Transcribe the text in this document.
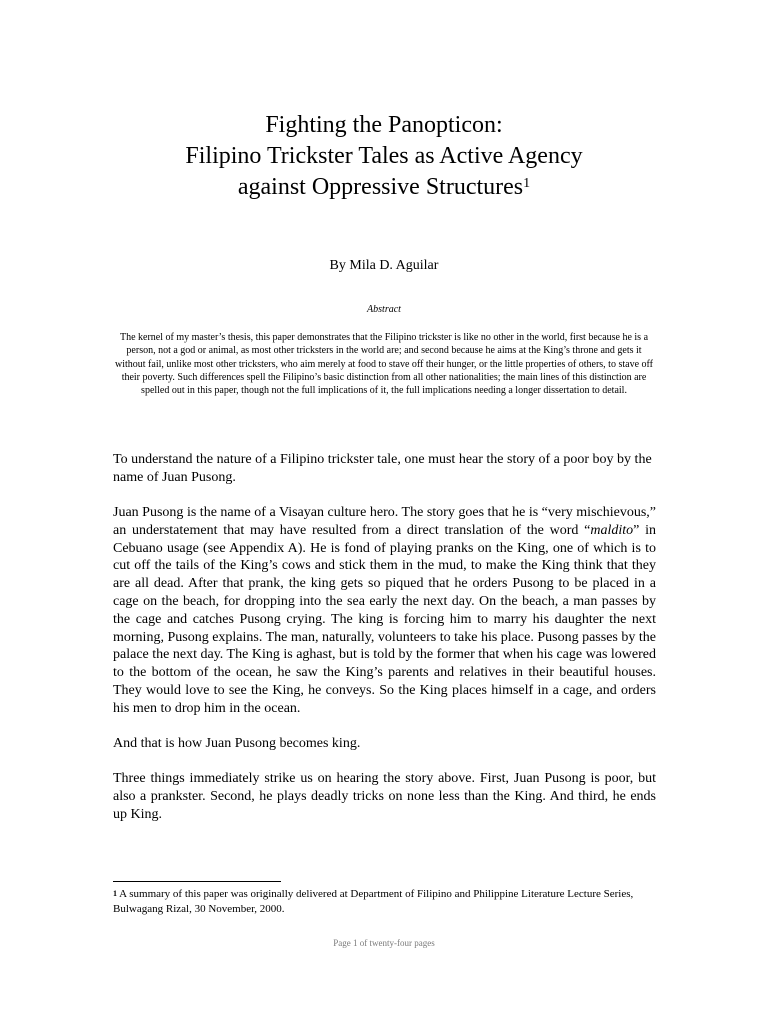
Fighting the Panopticon:
Filipino Trickster Tales as Active Agency
against Oppressive Structures$^1$
By Mila D. Aguilar
Abstract
The kernel of my master’s thesis, this paper demonstrates that the Filipino trickster is like no other in the world, first because he is a person, not a god or animal, as most other tricksters in the world are; and second because he aims at the King’s throne and gets it without fail, unlike most other tricksters, who aim merely at food to stave off their hunger, or the little properties of others, to stave off their poverty. Such differences spell the Filipino’s basic distinction from all other nationalities; the main lines of this distinction are spelled out in this paper, though not the full implications of it, the full implications needing a longer dissertation to detail.

To understand the nature of a Filipino trickster tale, one must hear the story of a poor boy by the name of Juan Pusong.

Juan Pusong is the name of a Visayan culture hero. The story goes that he is “very mischievous,” an understatement that may have resulted from a direct translation of the word “maldito” in Cebuano usage (see Appendix A). He is fond of playing pranks on the King, one of which is to cut off the tails of the King’s cows and stick them in the mud, to make the King think that they are all dead. After that prank, the king gets so piqued that he orders Pusong to be placed in a cage on the beach, for dropping into the sea early the next day. On the beach, a man passes by the cage and catches Pusong crying. The king is forcing him to marry his daughter the next morning, Pusong explains. The man, naturally, volunteers to take his place. Pusong passes by the palace the next day. The King is aghast, but is told by the former that when his cage was lowered to the bottom of the ocean, he saw the King’s parents and relatives in their beautiful houses. They would love to see the King, he conveys. So the King places himself in a cage, and orders his men to drop him in the ocean.

And that is how Juan Pusong becomes king.

Three things immediately strike us on hearing the story above. First, Juan Pusong is poor, but also a prankster. Second, he plays deadly tricks on none less than the King. And third, he ends up King.

$^1$ A summary of this paper was originally delivered at Department of Filipino and Philippine Literature Lecture Series, Bulwagang Rizal, 30 November, 2000.
Page 1 of twenty-four pages
